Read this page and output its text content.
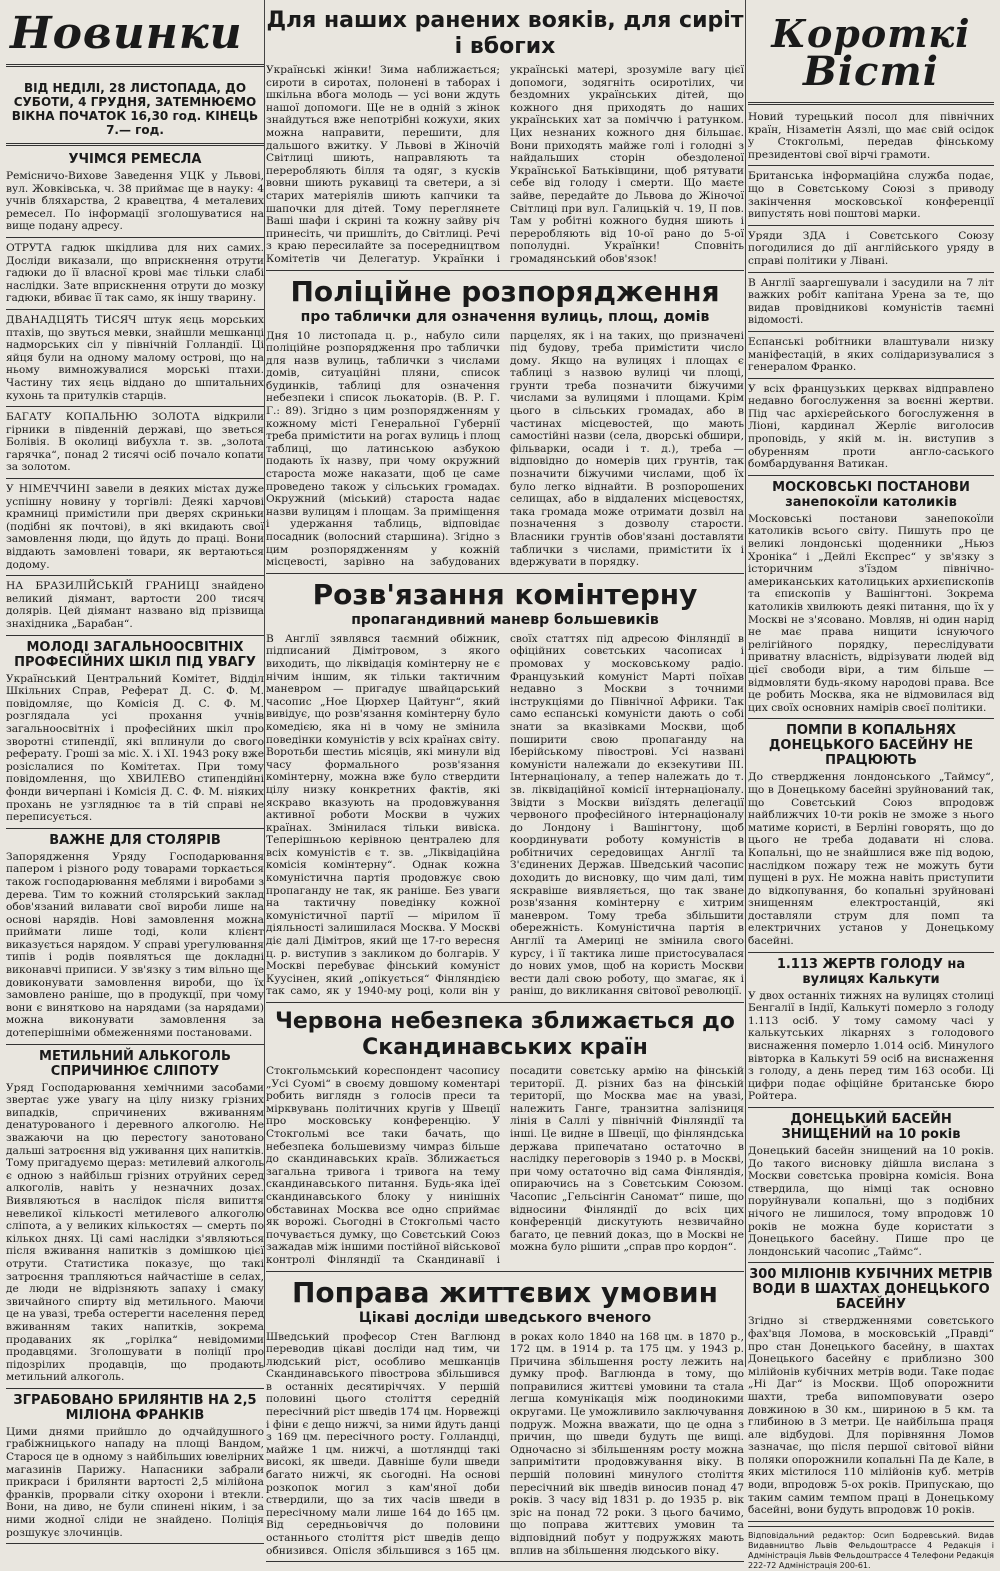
Новинки
ВІД НЕДІЛІ, 28 ЛИСТОПАДА, ДО СУБОТИ, 4 ГРУДНЯ, ЗАТЕМНЮЄМО ВІКНА ПОЧАТОК 16,30 год. КІНЕЦЬ 7.— год.
УЧІМСЯ РЕМЕСЛА

Ремісничо-Вихове Заведення УЦК у Львові, вул. Жовківська, ч. 38 приймає ще в науку: 4 учнів бляхарства, 2 кравецтва, 4 металевих ремесел. По інформації зголошуватися на вище подану адресу.

ОТРУТА гадюк шкідлива для них самих. Досліди виказали, що вприскнення отрути гадюки до її власної крові має тільки слабі наслідки. Зате вприскнення отрути до мозку гадюки, вбиває її так само, як іншу тварину.

ДВАНАДЦЯТЬ ТИСЯЧ штук яєць морських птахів, що звуться мевки, знайшли мешканці надморських сіл у північній Голландії. Ці яйця були на одному малому острові, що на ньому вимножувалися морські птахи. Частину тих яєць віддано до шпитальних кухонь та притулків старців.

БАГАТУ КОПАЛЬНЮ ЗОЛОТА відкрили гірники в південній державі, що зветься Болівія. В околиці вибухла т. зв. „золота гарячка“, понад 2 тисячі осіб почало копати за золотом.

У НІМЕЧЧИНІ завели в деяких містах дуже успішну новину у торгівлі: Деякі харчові крамниці примістили при дверях скриньки (подібні як почтові), в які вкидають свої замовлення люди, що йдуть до праці. Вони віддають замовлені товари, як вертаються додому.

НА БРАЗИЛІЙСЬКІЙ ГРАНИЦІ знайдено великий діямант, вартости 200 тисяч долярів. Цей діямант названо від прізвища знахідника „Барабан“.

МОЛОДІ ЗАГАЛЬНООСВІТНІХ ПРОФЕСІЙНИХ ШКІЛ ПІД УВАГУ

Український Центральний Комітет, Відділ Шкільних Справ, Реферат Д. С. Ф. М. повідомляє, що Комісія Д. С. Ф. М. розглядала усі прохання учнів загальноосвітніх і професійних шкіл про зворотні стипендії, які вплинули до свого реферату. Гроші за міс. Х. і ХІ. 1943 року вже розіслалися по Комітетах. При тому повідомлення, що ХВИЛЕВО стипендійні фонди вичерпані і Комісія Д. С. Ф. М. ніяких прохань не узгляднює та в тій справі не переписується.

ВАЖНЕ ДЛЯ СТОЛЯРІВ

Запорядження Уряду Господарювання папером і різного роду товарами торкається також господарювання меблями і виробами з дерева. Тим то кожний столярський заклад обов'язаний вилавати свої вироби лише на основі нарядів. Нові замовлення можна приймати лише тоді, коли клієнт виказується нарядом. У справі урегулювання типів і родів появляться ще докладні виконавчі приписи. У зв'язку з тим вільно ще довиконувати замовлення вироби, що їх замовлено раніше, що в продукції, при чому вони є винятково на нарядами (за нарядами) можна виконувати замовлення за дотеперішніми обмеженнями постановами.

МЕТИЛЬНИЙ АЛЬКОГОЛЬ СПРИЧИНЮЄ СЛІПОТУ

Уряд Господарювання хемічними засобами звертає уже увагу на цілу низку грізних випадків, спричинених вживанням денатурованого і деревного алкоголю. Не зважаючи на цю перестогу занотовано дальші затроєння від уживання цих напитків. Тому пригадуємо щераз: метилевий алкоголь є одною з найбільш грізних отруйних серед алкоголів, навіть у незначних дозах. Виявляються в наслідок після випиття невеликої кількості метилевого алкоголю сліпота, а у великих кількостях — смерть по кількох днях. Ці самі наслідки з'являються після вживання напитків з домішкою цієї отрути. Статистика показує, що такі затроєння трапляються найчастіше в селах, де люди не відрізняють запаху і смаку звичайного спирту від метильного. Маючи це на увазі, треба остерегти населення перед вживанням таких напитків, зокрема продаваних як „горілка“ невідомими продавцями. Зголошувати в поліції про підозрілих продавців, що продають метильний алкоголь.

ЗГРАБОВАНО БРИЛЯНТІВ НА 2,5 МІЛІОНА ФРАНКІВ

Цими днями прийшло до одчайдушного грабіжницького нападу на площі Вандом, Старося це в одному з найбільших ювелірних магазинів Парижу. Напасники забрали прикраси і брилянти вартості 2,5 мілійона франків, прорвали сітку охорони і втекли. Вони, на диво, не були спинені ніким, і за ними жодної сліди не знайдено. Поліція розшукує злочинців.

Для наших ранених вояків, для сиріт і вбогих

Українські жінки! Зима наближається; сироти в сиротах, полонені в таборах і шкільна вбога молодь — усі вони ждуть нашої допомоги. Ще не в одній з жінок знайдуться вже непотрібні кожухи, яких можна направити, перешити, для дальшого вжитку. У Львові в Жіночій Світлиці шиють, направляють та переробляють білля та одяг, з кусків вовни шиють рукавиці та светери, а зі старих матеріялів шиють капчики та шапочки для дітей. Тому переглянете Ваші шафи і скрині та кожну зайву річ принесіть, чи пришліть, до Світлиці. Речі з краю пересилайте за посередництвом Комітетів чи Делегатур. Українки і українські матері, зрозуміле вагу цієї допомоги, зодягніть осиротілих, чи бездомних українських дітей, що кожного дня приходять до наших українських хат за поміччю і ратунком. Цих незнаних кожного дня більшає. Вони приходять майже голі і голодні з найдальших сторін обездоленої Української Батьківщини, щоб рятувати себе від голоду і смерти. Що маєте зайве, передайте до Львова до Жіночої Світлиці при вул. Галицькій ч. 19, ІІ пов. Там у робітні кожного будня шиють і переробляють від 10-ої рано до 5-ої пополудні. Українки! Сповніть громадянський обов'язок!

Поліційне розпорядження
про таблички для означення вулиць, площ, домів

Дня 10 листопада ц. р., набуло сили поліційне розпорядження про таблички для назв вулиць, таблички з числами домів, ситуаційні пляни, список будинків, таблиці для означення небезпеки і список льокаторів. (В. Р. Г. Г.: 89). Згідно з цим розпорядженням у кожному місті Генеральної Губернії треба примістити на рогах вулиць і площ таблиці, що латинською азбукою подають їх назву, при чому окружний староста може наказати, щоб це саме проведено також у сільських громадах. Окружний (міський) староста надає назви вулицям і площам. За приміщення і удержання таблиць, відповідає посадник (волосний старшина). Згідно з цим розпорядженням у кожній місцевості, зарівно на забудованих парцелях, як і на таких, що призначені під будову, треба примістити число дому. Якщо на вулицях і площах є таблиці з назвою вулиці чи площі, грунти треба позначити біжучими числами за вулицями і площами. Крім цього в сільських громадах, або в частинах місцевостей, що мають самостійні назви (села, дворські обшири, фільварки, осади і т. д.), треба — відповідно до номерів цих грунтів, так позначити біжучими числами, щоб їх було легко віднайти. В розпорошених селищах, або в віддалених місцевостях, така громада може отримати дозвіл на позначення з дозволу старости. Власники грунтів обов'язані доставляти таблички з числами, примістити їх і вдержувати в порядку.

Розв'язання комінтерну
пропагандивний маневр большевиків

В Англії зявлявся таємний обіжник, підписаний Дімітровом, з якого виходить, що ліквідація комінтерну не є нічим іншим, як тільки тактичним маневром — пригадує швайцарський часопис „Ное Цюрхер Цайтунг“, який вивідує, що розв'язання комінтерну було комедією, яка ні в чому не змінила поведінки комуністів у всіх країнах світу. Воротьби шестиь місяців, які минули від часу формального розв'язання комінтерну, можна вже було ствердити цілу низку конкретних фактів, які яскраво вказують на продовжування активної роботи Москви в чужих країнах. Змінилася тільки вивіска. Теперішньою керівною централею для всіх комуністів є т. зв. „Ліквідаційна комісія комінтерну“. Однак кожна комуністична партія продовжує свою пропаганду не так, як раніше. Без уваги на тактичну поведінку кожної комуністичної партії — мірилом її діяльності залишилася Москва. У Москві діє далі Дімітров, який ще 17-го вересня ц. р. виступив з закликом до болгарів. У Москві перебуває фінський комуніст Куусінен, який „опікується“ Фінляндією так само, як у 1940-му році, коли він у своїх статтях під адресою Фінляндії в офіційних совєтських часописах і промовах у московському радіо. Французький комуніст Марті поїхав недавно з Москви з точними інструкціями до Північної Африки. Так само еспанські комуністи дають о собі знати за вказівками Москви, щоб поширити свою пропаганду на Іберійському півострові. Усі названі комуністи належали до екзекутиви ІІІ. Інтернаціоналу, а тепер належать до т. зв. ліквідаційної комісії інтернаціоналу. Звідти з Москви виїздять делегації червоного професійного інтернаціоналу до Лондону і Вашінгтону, щоб координувати роботу комуністів в робітничих середовищах Англії та З'єдинених Держав. Шведський часопис доходить до висновку, що чим далі, тим яскравіше виявляється, що так зване розв'язання комінтерну є хитрим маневром. Тому треба збільшити обережність. Комуністична партія в Англії та Америці не змінила свого курсу, і її тактика лише пристосувалася до нових умов, щоб на користь Москви вести далі свою роботу, що змагає, як і раніш, до викликання світової революції.

Червона небезпека зближається до Скандинавських країн

Стокгольмський кореспондент часопису „Усі Суомі“ в своєму довшому коментарі робить виглядн з голосів преси та мірквувань політичних кругів у Швеції про московську конференцію. У Стокгольмі все таки бачать, що небезпека большевизму чимраз більше до скандинавських країв. Зближається загальна тривога і тривога на тему скандинавського питання. Будь-яка ідеї скандинавського блоку у нинішніх обставинах Москва все одно сприймає як ворожі. Сьогодні в Стокгольмі часто почувається думку, що Совєтський Союз зажадав між іншими постійної військової контролі Фінляндії та Скандинавії і посадити совєтську армію на фінській території. Д. різних баз на фінській території, що Москва має на увазі, належить Ганге, транзитна залізниця лінія в Саллі у північній Фінляндії та інші. Це видне в Швеції, що фінляндська держава припечатано остаточно в наслідку переговорів з 1940 р. в Москві, при чому остаточно від сама Фінляндія, опираючись на з Совєтським Союзом. Часопис „Гельсінгін Саномат“ пише, що відносини Фінляндії до всіх цих конференцій дискутують незвичайно багато, це певний доказ, що в Москві не можна було рішити „справ про кордон“.

Поправа життєвих умовин
Цікаві досліди шведського вченого

Шведський професор Стен Ваглюнд переводив цікаві досліди над тим, чи людський ріст, особливо мешканців Скандинавського півострова збільшився в останніх десятиріччях. У першій половині цього століття середній пересічний ріст шведів 174 цм. Норвежці і фіни є дещо нижчі, за ними йдуть данці з 169 цм. пересічного росту. Голландці, майже 1 цм. нижчі, а шотляндці такі високі, як шведи. Давніше були шведи багато нижчі, як сьогодні. На основі розкопок могил з кам'яної доби ствердили, що за тих часів шведи в пересічному мали лише 164 до 165 цм. Від середньовіччя до половини останнього століття ріст шведів дещо обнизився. Опісля збільшився з 165 цм. в роках коло 1840 на 168 цм. в 1870 р., 172 цм. в 1914 р. та 175 цм. у 1943 р. Причина збільшення росту лежить на думку проф. Ваглюнда в тому, що поправилися життєві умовини та стала легша комунікація між поодинокими округами. Це уможливило заключування подруж. Можна вважати, що це одна з причин, що шведи будуть ще вищі. Одночасно зі збільшенням росту можна запримітити продовжування віку. В першій половині минулого століття пересічний вік шведів виносив понад 47 років. З часу від 1831 р. до 1935 р. вік зріс на понад 72 роки. З цього бачимо, що поправа життєвих умовин та відповідний побут у подружжях мають вплив на збільшення людського віку.

Короткі
Вісті

Новий турецький посол для північних країн, Нізаметін Аязлі, що має свій осідок у Стокгольмі, передав фінському президентові свої вірчі грамоти.

Британська інформаційна служба подає, що в Совєтському Союзі з приводу закінчення московської конференції випустять нові поштові марки.

Уряди ЗДА і Совєтського Союзу погодилися до дії англійського уряду в справі політики у Лівані.

В Англії зааргешували і засудили на 7 літ важких робіт капітана Урена за те, що видав провідникові комуністів таємні відомості.

Еспанські робітники влаштували низку маніфестацій, в яких солідаризувалися з генералом Франко.

У всіх французьких церквах відправлено недавно богослуження за воєнні жертви. Під час архієрейського богослуження в Ліоні, кардинал Жерліє виголосив проповідь, у якій м. ін. виступив з обуренням проти англо-саського бомбардування Ватикан.

МОСКОВСЬКІ ПОСТАНОВИ занепокоїли католиків

Московські постанови занепокоїли католиків всього світу. Пишуть про це великі лондонські щоденники „Ньюз Хроніка“ і „Дейлі Експрес“ у зв'язку з історичним з'їздом північно-американських католицьких архиєпископів та єпископів у Вашінгтоні. Зокрема католиків хвилюють деякі питання, що їх у Москві не з'ясовано. Мовляв, ні один нарід не має права нищити існуючого релігійного порядку, переслідувати приватну власність, відрізувати людей від цієї свободи віри, а тим більше — відмовляти будь-якому народові права. Все це робить Москва, яка не відмовилася від цих своїх основних намірів своєї політики.

ПОМПИ В КОПАЛЬНЯХ ДОНЕЦЬКОГО БАСЕЙНУ НЕ ПРАЦЮЮТЬ

До ствердження лондонського „Таймсу“, що в Донецькому басейні зруйнований так, що Совєтський Союз впродовж найближчих 10-ти років не зможе з нього матиме користі, в Берліні говорять, що до цього не треба додавати ні слова. Копальні, що не знайшлися вже під водою, наслідком пожару теж не можуть бути пущені в рух. Не можна навіть приступити до відкопування, бо копальні зруйновані знищенням електростанцій, які доставляли струм для помп та електричних установ у Донецькому басейні.

1.113 ЖЕРТВ ГОЛОДУ на вулицях Калькути

У двох останніх тижнях на вулицях столиці Бенгалії в Індії, Калькуті померло з голоду 1.113 осіб. У тому самому часі у калькутських лікарнях з голодового виснаження померло 1.014 осіб. Минулого вівторка в Калькуті 59 осіб на виснаження з голоду, а день перед тим 163 особи. Ці цифри подає офіційне британське бюро Ройтера.

ДОНЕЦЬКИЙ БАСЕЙН ЗНИЩЕНИЙ на 10 років

Донецький басейн знищений на 10 років. До такого висновку дійшла вислана з Москви совєтська провірна комісія. Вона ствердила, що німці так основно поруйнували копальні, що з подібних нічого не лишилося, тому впродовж 10 років не можна буде користати з Донецького басейну. Пише про це лондонський часопис „Таймс“.

300 МІЛІОНІВ КУБІЧНИХ МЕТРІВ ВОДИ В ШАХТАХ ДОНЕЦЬКОГО БАСЕЙНУ

Згідно зі ствердженнями совєтського фах'вця Ломова, в московській „Правді“ про стан Донецького басейну, в шахтах Донецького басейну є приблизно 300 мілійонів кубічних метрів води. Таке подає „Ні Даг“ із Москви. Щоб опорожнити шахти, треба випомповувати озеро довжиною в 30 км., шириною в 5 км. та глибиною в 3 метри. Це найбільша праця але відбудові. Для порівняння Ломов зазначає, що після першої світової війни поляки опорожнили копальні Па де Кале, в яких містилося 110 мілійонів куб. метрів води, впродовж 5-ох років. Припускаю, що таким самим темпом праці в Донецькому басейні, вони будуть впродовж 10 років.

Відповідальний редактор: Осип Бодревський. Видав Видавництво Львів Фельдоштрассе 4 Редакція і Адміністрація Львів Фельдоштрассе 4 Телефони Редакція 222-72 Адміністрація 200-61.
